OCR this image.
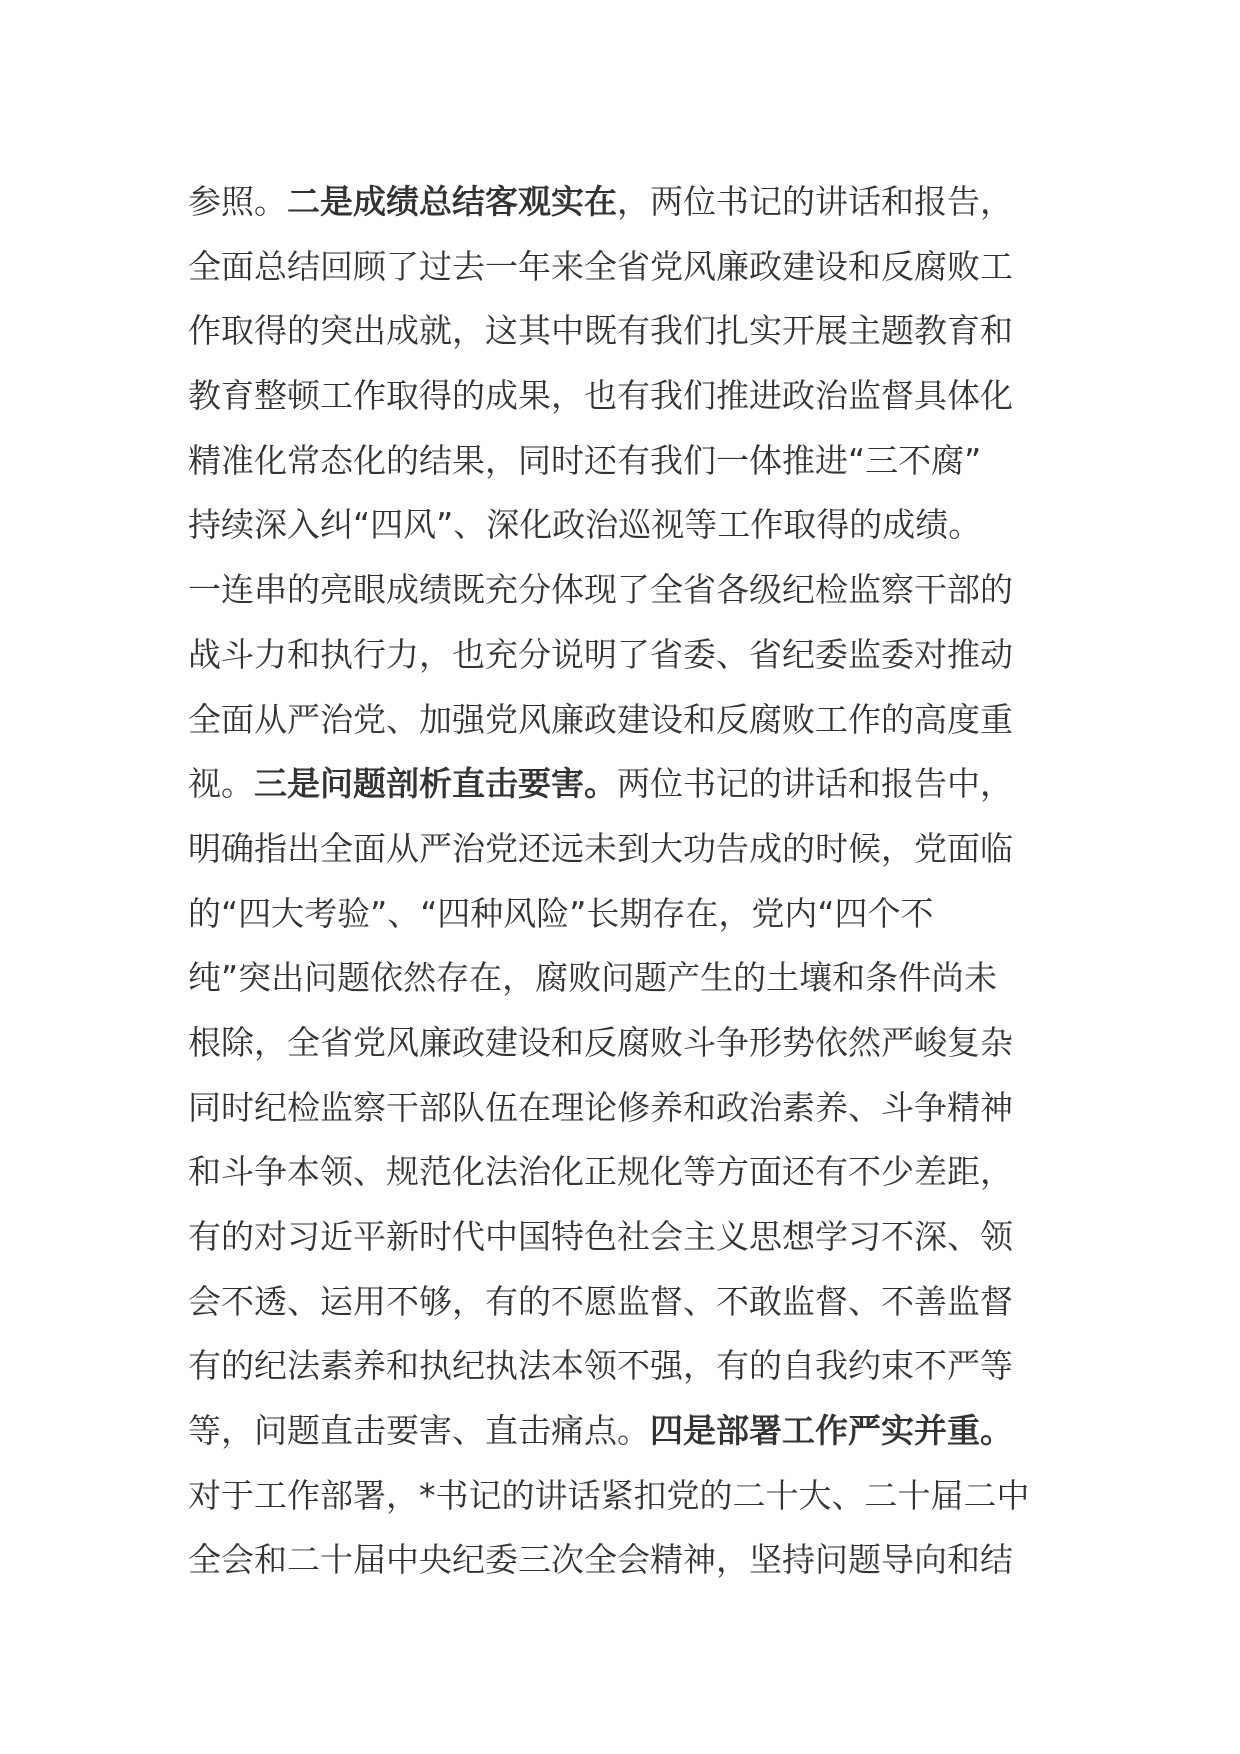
参照。二是成绩总结客观实在，两位书记的讲话和报告，
全面总结回顾了过去一年来全省党风廉政建设和反腐败工
作取得的突出成就，这其中既有我们扎实开展主题教育和
教育整顿工作取得的成果，也有我们推进政治监督具体化
精准化常态化的结果，同时还有我们一体推进“三不腐”
持续深入纠“四风”、深化政治巡视等工作取得的成绩。
一连串的亮眼成绩既充分体现了全省各级纪检监察干部的
战斗力和执行力，也充分说明了省委、省纪委监委对推动
全面从严治党、加强党风廉政建设和反腐败工作的高度重
视。三是问题剖析直击要害。两位书记的讲话和报告中，
明确指出全面从严治党还远未到大功告成的时候，党面临
的“四大考验”、“四种风险”长期存在，党内“四个不
纯”突出问题依然存在，腐败问题产生的土壤和条件尚未
根除，全省党风廉政建设和反腐败斗争形势依然严峻复杂
同时纪检监察干部队伍在理论修养和政治素养、斗争精神
和斗争本领、规范化法治化正规化等方面还有不少差距，
有的对习近平新时代中国特色社会主义思想学习不深、领
会不透、运用不够，有的不愿监督、不敢监督、不善监督
有的纪法素养和执纪执法本领不强，有的自我约束不严等
等，问题直击要害、直击痛点。四是部署工作严实并重。
对于工作部署，*书记的讲话紧扣党的二十大、二十届二中
全会和二十届中央纪委三次全会精神，坚持问题导向和结
